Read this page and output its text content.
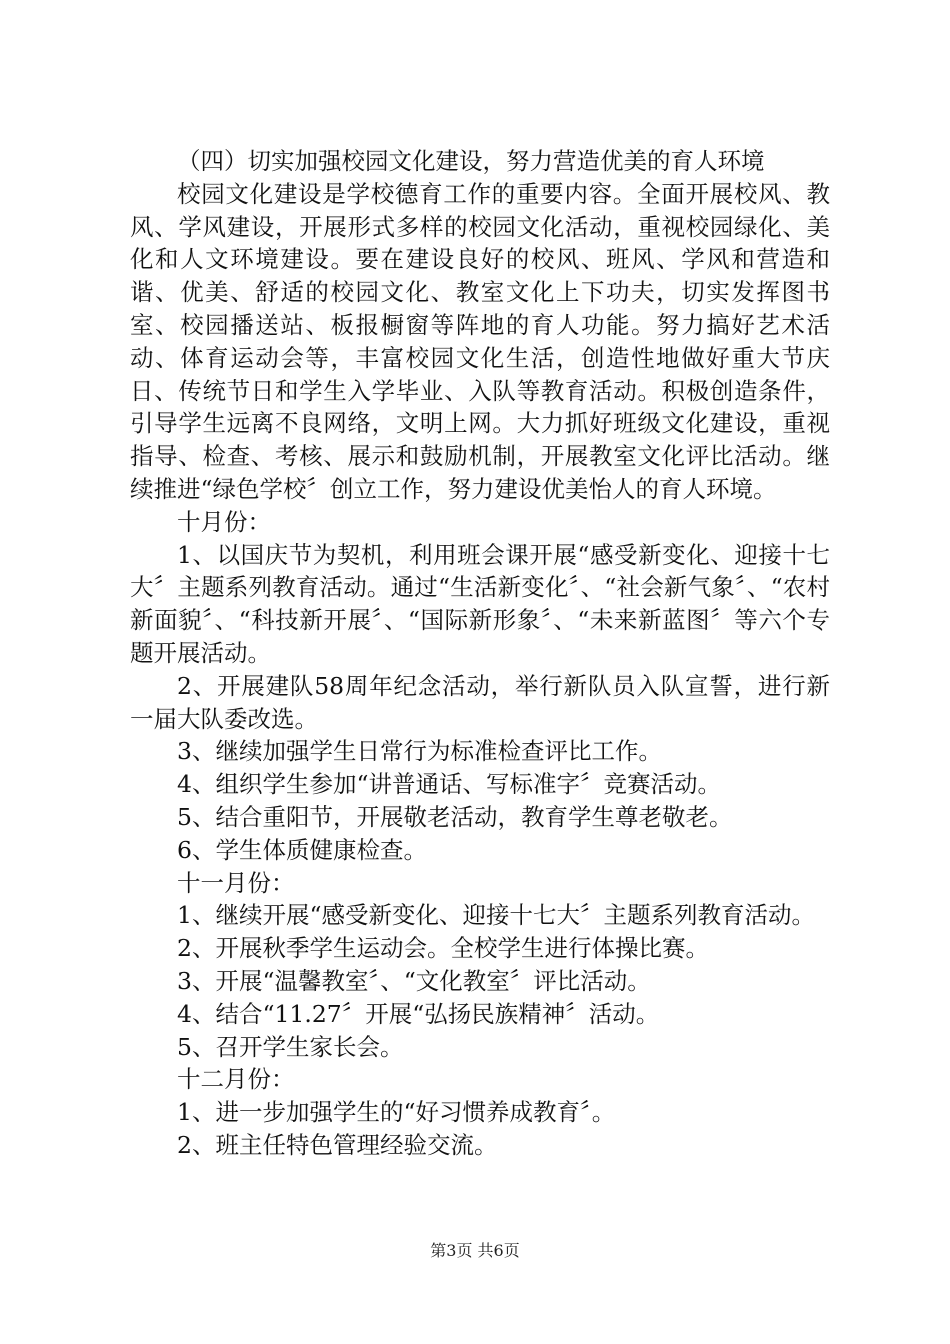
（四）切实加强校园文化建设，努力营造优美的育人环境

校园文化建设是学校德育工作的重要内容。全面开展校风、教风、学风建设，开展形式多样的校园文化活动，重视校园绿化、美化和人文环境建设。要在建设良好的校风、班风、学风和营造和谐、优美、舒适的校园文化、教室文化上下功夫，切实发挥图书室、校园播送站、板报橱窗等阵地的育人功能。努力搞好艺术活动、体育运动会等，丰富校园文化生活，创造性地做好重大节庆日、传统节日和学生入学毕业、入队等教育活动。积极创造条件，引导学生远离不良网络，文明上网。大力抓好班级文化建设，重视指导、检查、考核、展示和鼓励机制，开展教室文化评比活动。继续推进“绿色学校〞创立工作，努力建设优美怡人的育人环境。

十月份：

1、以国庆节为契机，利用班会课开展“感受新变化、迎接十七大〞主题系列教育活动。通过“生活新变化〞、“社会新气象〞、“农村新面貌〞、“科技新开展〞、“国际新形象〞、“未来新蓝图〞等六个专题开展活动。

2、开展建队58周年纪念活动，举行新队员入队宣誓，进行新一届大队委改选。

3、继续加强学生日常行为标准检查评比工作。

4、组织学生参加“讲普通话、写标准字〞竞赛活动。

5、结合重阳节，开展敬老活动，教育学生尊老敬老。

6、学生体质健康检查。

十一月份：

1、继续开展“感受新变化、迎接十七大〞主题系列教育活动。

2、开展秋季学生运动会。全校学生进行体操比赛。

3、开展“温馨教室〞、“文化教室〞评比活动。

4、结合“11.27〞开展“弘扬民族精神〞活动。

5、召开学生家长会。

十二月份：

1、进一步加强学生的“好习惯养成教育〞。

2、班主任特色管理经验交流。

第3页 共6页
